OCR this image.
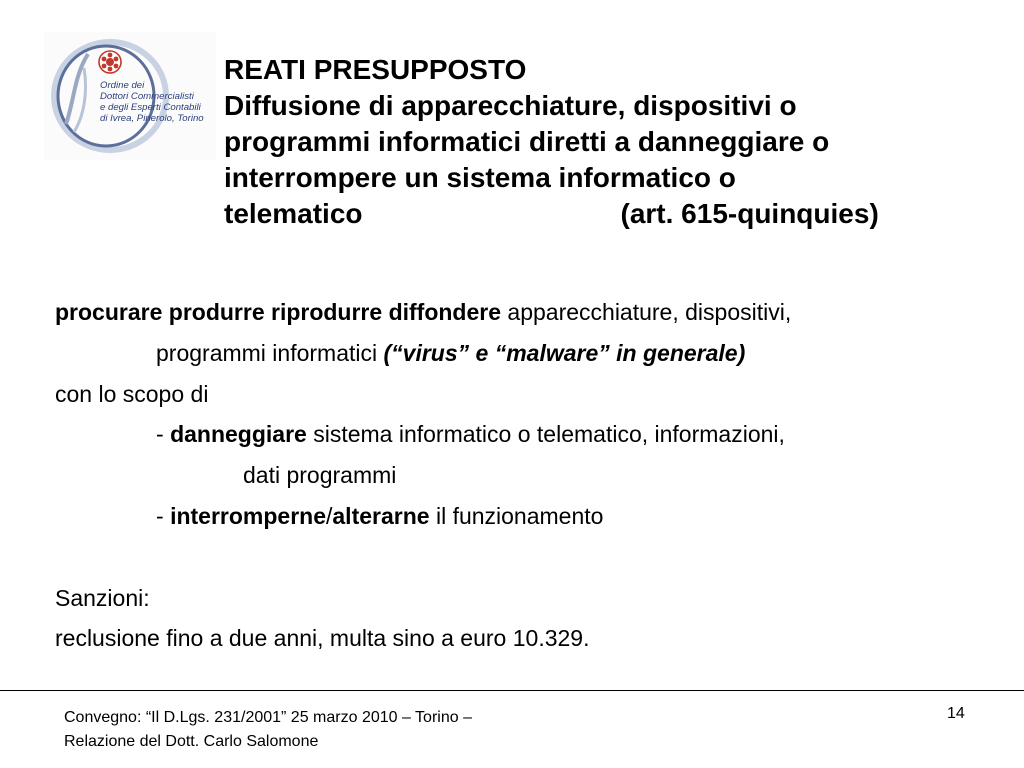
Ordine dei
Dottori Commercialisti
e degli Esperti Contabili
di Ivrea, Pinerolo, Torino
REATI PRESUPPOSTO
Diffusione di apparecchiature, dispositivi o
programmi informatici diretti a danneggiare o
interrompere un sistema informatico o
telematico	(art. 615-quinquies)
procurare produrre riprodurre diffondere apparecchiature, dispositivi,
programmi informatici (“virus” e “malware” in generale)
con lo scopo di
- danneggiare sistema informatico o telematico, informazioni,
dati programmi
- interromperne/alterarne il funzionamento
Sanzioni:
reclusione fino a due anni, multa sino a euro 10.329.
Convegno: “Il D.Lgs. 231/2001” 25 marzo 2010 – Torino –
Relazione del Dott. Carlo Salomone
14
